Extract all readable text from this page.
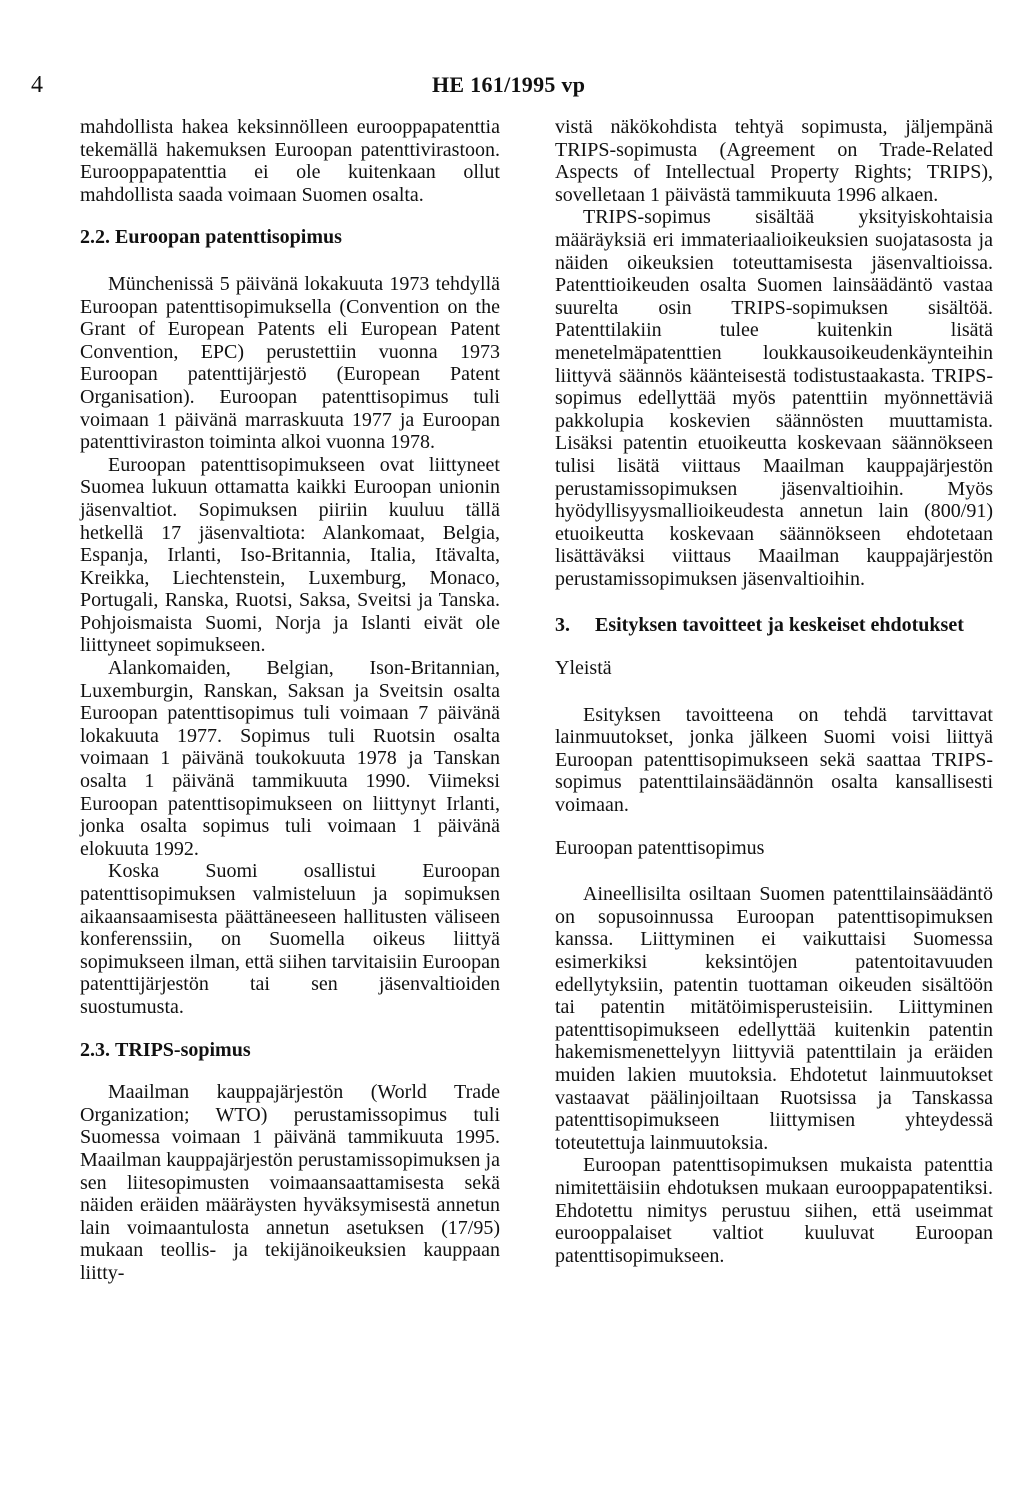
4	HE 161/1995 vp

mahdollista hakea keksinnölleen eurooppapatenttia tekemällä hakemuksen Euroopan patenttivirastoon. Eurooppapatenttia ei ole kuitenkaan ollut mahdollista saada voimaan Suomen osalta.

2.2. Euroopan patenttisopimus

Münchenissä 5 päivänä lokakuuta 1973 tehdyllä Euroopan patenttisopimuksella (Convention on the Grant of European Patents eli European Patent Convention, EPC) perustettiin vuonna 1973 Euroopan patenttijärjestö (European Patent Organisation). Euroopan patenttisopimus tuli voimaan 1 päivänä marraskuuta 1977 ja Euroopan patenttiviraston toiminta alkoi vuonna 1978.

Euroopan patenttisopimukseen ovat liittyneet Suomea lukuun ottamatta kaikki Euroopan unionin jäsenvaltiot. Sopimuksen piiriin kuuluu tällä hetkellä 17 jäsenvaltiota: Alankomaat, Belgia, Espanja, Irlanti, Iso-Britannia, Italia, Itävalta, Kreikka, Liechtenstein, Luxemburg, Monaco, Portugali, Ranska, Ruotsi, Saksa, Sveitsi ja Tanska. Pohjoismaista Suomi, Norja ja Islanti eivät ole liittyneet sopimukseen.

Alankomaiden, Belgian, Ison-Britannian, Luxemburgin, Ranskan, Saksan ja Sveitsin osalta Euroopan patenttisopimus tuli voimaan 7 päivänä lokakuuta 1977. Sopimus tuli Ruotsin osalta voimaan 1 päivänä toukokuuta 1978 ja Tanskan osalta 1 päivänä tammikuuta 1990. Viimeksi Euroopan patenttisopimukseen on liittynyt Irlanti, jonka osalta sopimus tuli voimaan 1 päivänä elokuuta 1992.

Koska Suomi osallistui Euroopan patenttisopimuksen valmisteluun ja sopimuksen aikaansaamisesta päättäneeseen hallitusten väliseen konferenssiin, on Suomella oikeus liittyä sopimukseen ilman, että siihen tarvitaisiin Euroopan patenttijärjestön tai sen jäsenvaltioiden suostumusta.

2.3. TRIPS-sopimus

Maailman kauppajärjestön (World Trade Organization; WTO) perustamissopimus tuli Suomessa voimaan 1 päivänä tammikuuta 1995. Maailman kauppajärjestön perustamissopimuksen ja sen liitesopimusten voimaansaattamisesta sekä näiden eräiden määräysten hyväksymisestä annetun lain voimaantulosta annetun asetuksen (17/95) mukaan teollis- ja tekijänoikeuksien kauppaan liitty-

vistä näkökohdista tehtyä sopimusta, jäljempänä TRIPS-sopimusta (Agreement on Trade-Related Aspects of Intellectual Property Rights; TRIPS), sovelletaan 1 päivästä tammikuuta 1996 alkaen.

TRIPS-sopimus sisältää yksityiskohtaisia määräyksiä eri immateriaalioikeuksien suojatasosta ja näiden oikeuksien toteuttamisesta jäsenvaltioissa. Patenttioikeuden osalta Suomen lainsäädäntö vastaa suurelta osin TRIPS-sopimuksen sisältöä. Patenttilakiin tulee kuitenkin lisätä menetelmäpatenttien loukkausoikeudenkäynteihin liittyvä säännös käänteisestä todistustaakasta. TRIPS-sopimus edellyttää myös patenttiin myönnettäviä pakkolupia koskevien säännösten muuttamista. Lisäksi patentin etuoikeutta koskevaan säännökseen tulisi lisätä viittaus Maailman kauppajärjestön perustamissopimuksen jäsenvaltioihin. Myös hyödyllisyysmallioikeudesta annetun lain (800/91) etuoikeutta koskevaan säännökseen ehdotetaan lisättäväksi viittaus Maailman kauppajärjestön perustamissopimuksen jäsenvaltioihin.

3.	Esityksen tavoitteet ja keskeiset ehdotukset

Yleistä

Esityksen tavoitteena on tehdä tarvittavat lainmuutokset, jonka jälkeen Suomi voisi liittyä Euroopan patenttisopimukseen sekä saattaa TRIPS-sopimus patenttilainsäädännön osalta kansallisesti voimaan.

Euroopan patenttisopimus

Aineellisilta osiltaan Suomen patenttilainsäädäntö on sopusoinnussa Euroopan patenttisopimuksen kanssa. Liittyminen ei vaikuttaisi Suomessa esimerkiksi keksintöjen patentoitavuuden edellytyksiin, patentin tuottaman oikeuden sisältöön tai patentin mitätöimisperusteisiin. Liittyminen patenttisopimukseen edellyttää kuitenkin patentin hakemismenettelyyn liittyviä patenttilain ja eräiden muiden lakien muutoksia. Ehdotetut lainmuutokset vastaavat päälinjoiltaan Ruotsissa ja Tanskassa patenttisopimukseen liittymisen yhteydessä toteutettuja lainmuutoksia.

Euroopan patenttisopimuksen mukaista patenttia nimitettäisiin ehdotuksen mukaan eurooppapatentiksi. Ehdotettu nimitys perustuu siihen, että useimmat eurooppalaiset valtiot kuuluvat Euroopan patenttisopimukseen.
